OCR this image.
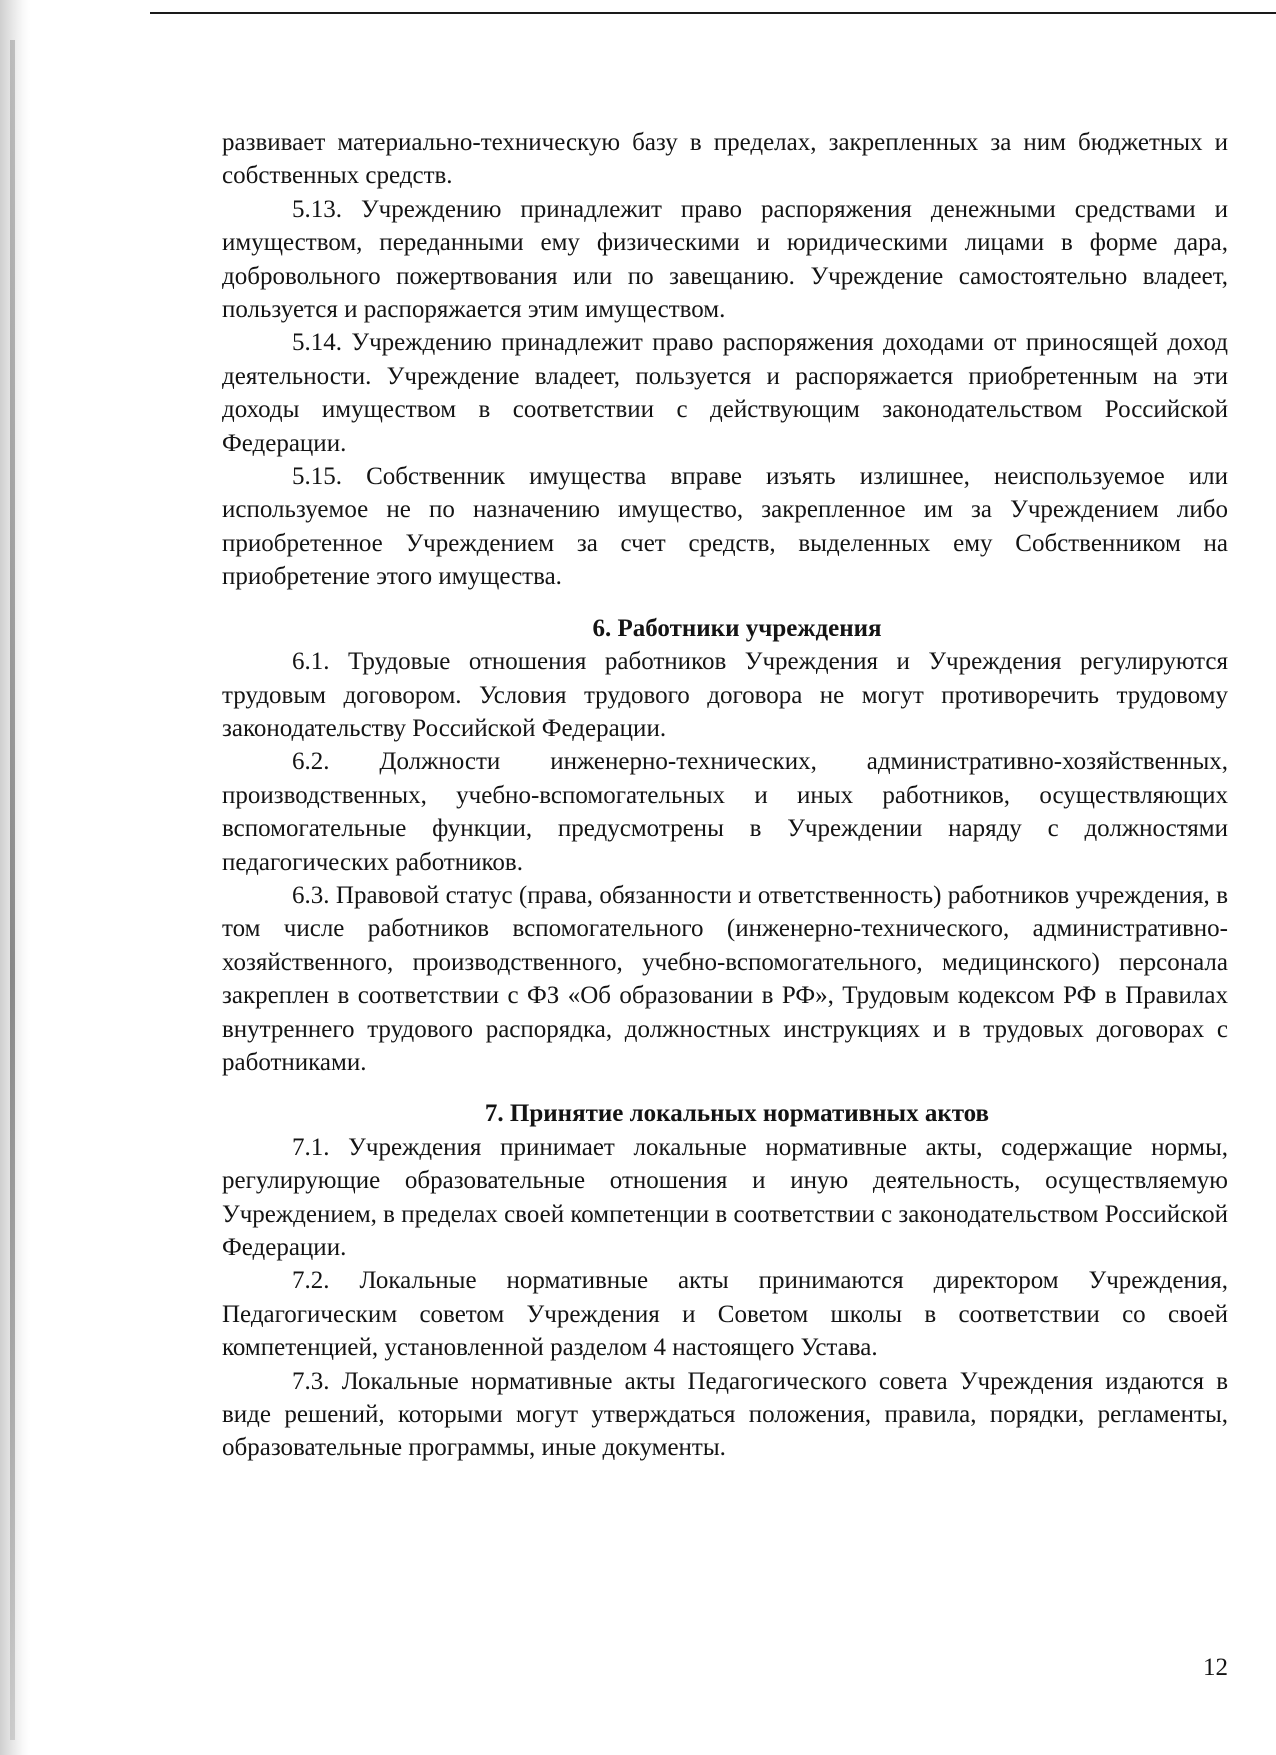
развивает материально-техническую базу в пределах, закрепленных за ним бюджетных и собственных средств.

5.13. Учреждению принадлежит право распоряжения денежными средствами и имуществом, переданными ему физическими и юридическими лицами в форме дара, добровольного пожертвования или по завещанию. Учреждение самостоятельно владеет, пользуется и распоряжается этим имуществом.

5.14. Учреждению принадлежит право распоряжения доходами от приносящей доход деятельности. Учреждение владеет, пользуется и распоряжается приобретенным на эти доходы имуществом в соответствии с действующим законодательством Российской Федерации.

5.15. Собственник имущества вправе изъять излишнее, неиспользуемое или используемое не по назначению имущество, закрепленное им за Учреждением либо приобретенное Учреждением за счет средств, выделенных ему Собственником на приобретение этого имущества.

6. Работники учреждения

6.1. Трудовые отношения работников Учреждения и Учреждения регулируются трудовым договором. Условия трудового договора не могут противоречить трудовому законодательству Российской Федерации.

6.2. Должности инженерно-технических, административно-хозяйственных, производственных, учебно-вспомогательных и иных работников, осуществляющих вспомогательные функции, предусмотрены в Учреждении наряду с должностями педагогических работников.

6.3. Правовой статус (права, обязанности и ответственность) работников учреждения, в том числе работников вспомогательного (инженерно-технического, административно-хозяйственного, производственного, учебно-вспомогательного, медицинского) персонала закреплен в соответствии с ФЗ «Об образовании в РФ», Трудовым кодексом РФ в Правилах внутреннего трудового распорядка, должностных инструкциях и в трудовых договорах с работниками.

7. Принятие локальных нормативных актов

7.1. Учреждения принимает локальные нормативные акты, содержащие нормы, регулирующие образовательные отношения и иную деятельность, осуществляемую Учреждением, в пределах своей компетенции в соответствии с законодательством Российской Федерации.

7.2. Локальные нормативные акты принимаются директором Учреждения, Педагогическим советом Учреждения и Советом школы в соответствии со своей компетенцией, установленной разделом 4 настоящего Устава.

7.3. Локальные нормативные акты Педагогического совета Учреждения издаются в виде решений, которыми могут утверждаться положения, правила, порядки, регламенты, образовательные программы, иные документы.

12
